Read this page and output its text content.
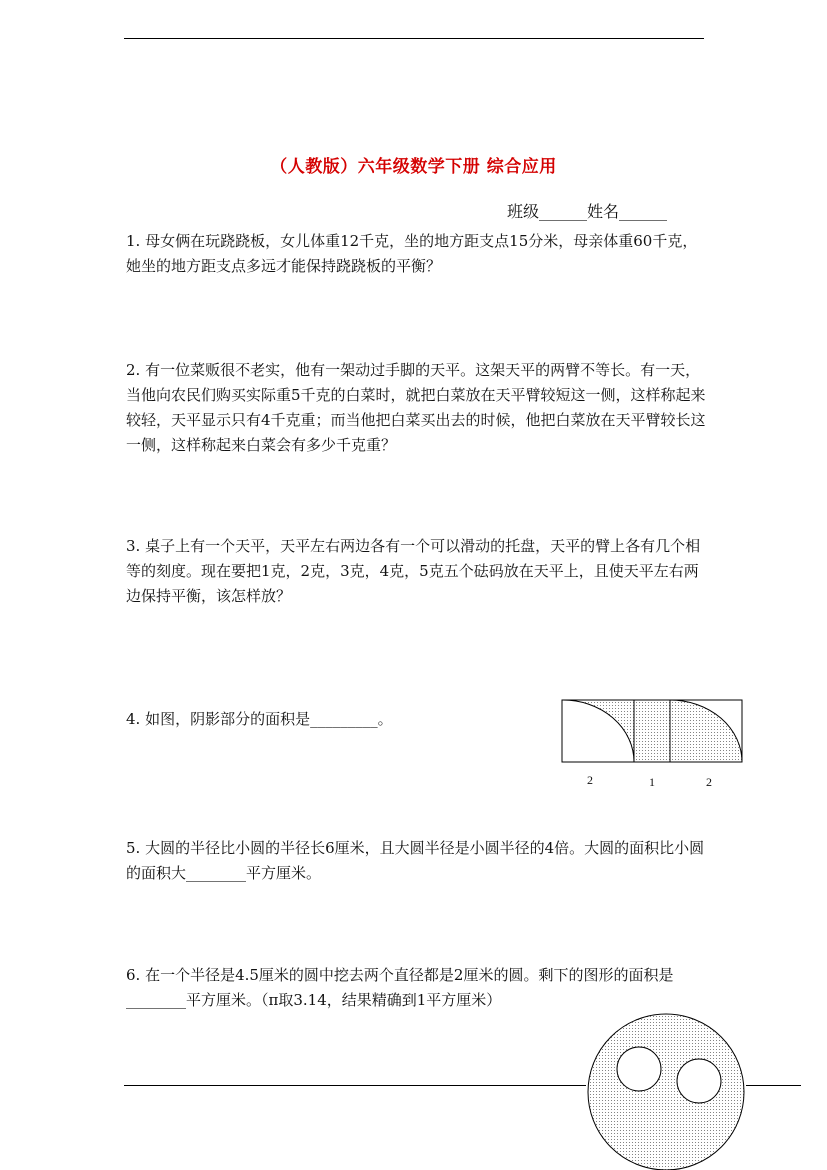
（人教版）六年级数学下册 综合应用
班级______姓名______

1. 母女俩在玩跷跷板，女儿体重12千克，坐的地方距支点15分米，母亲体重60千克，她坐的地方距支点多远才能保持跷跷板的平衡？

2. 有一位菜贩很不老实，他有一架动过手脚的天平。这架天平的两臂不等长。有一天，当他向农民们购买实际重5千克的白菜时，就把白菜放在天平臂较短这一侧，这样称起来较轻，天平显示只有4千克重；而当他把白菜买出去的时候，他把白菜放在天平臂较长这一侧，这样称起来白菜会有多少千克重？

3. 桌子上有一个天平，天平左右两边各有一个可以滑动的托盘，天平的臂上各有几个相等的刻度。现在要把1克，2克，3克，4克，5克五个砝码放在天平上，且使天平左右两边保持平衡，该怎样放？

4. 如图，阴影部分的面积是_________。
2	1	2

5. 大圆的半径比小圆的半径长6厘米，且大圆半径是小圆半径的4倍。大圆的面积比小圆的面积大________平方厘米。

6. 在一个半径是4.5厘米的圆中挖去两个直径都是2厘米的圆。剩下的图形的面积是________平方厘米。（π取3.14，结果精确到1平方厘米）
